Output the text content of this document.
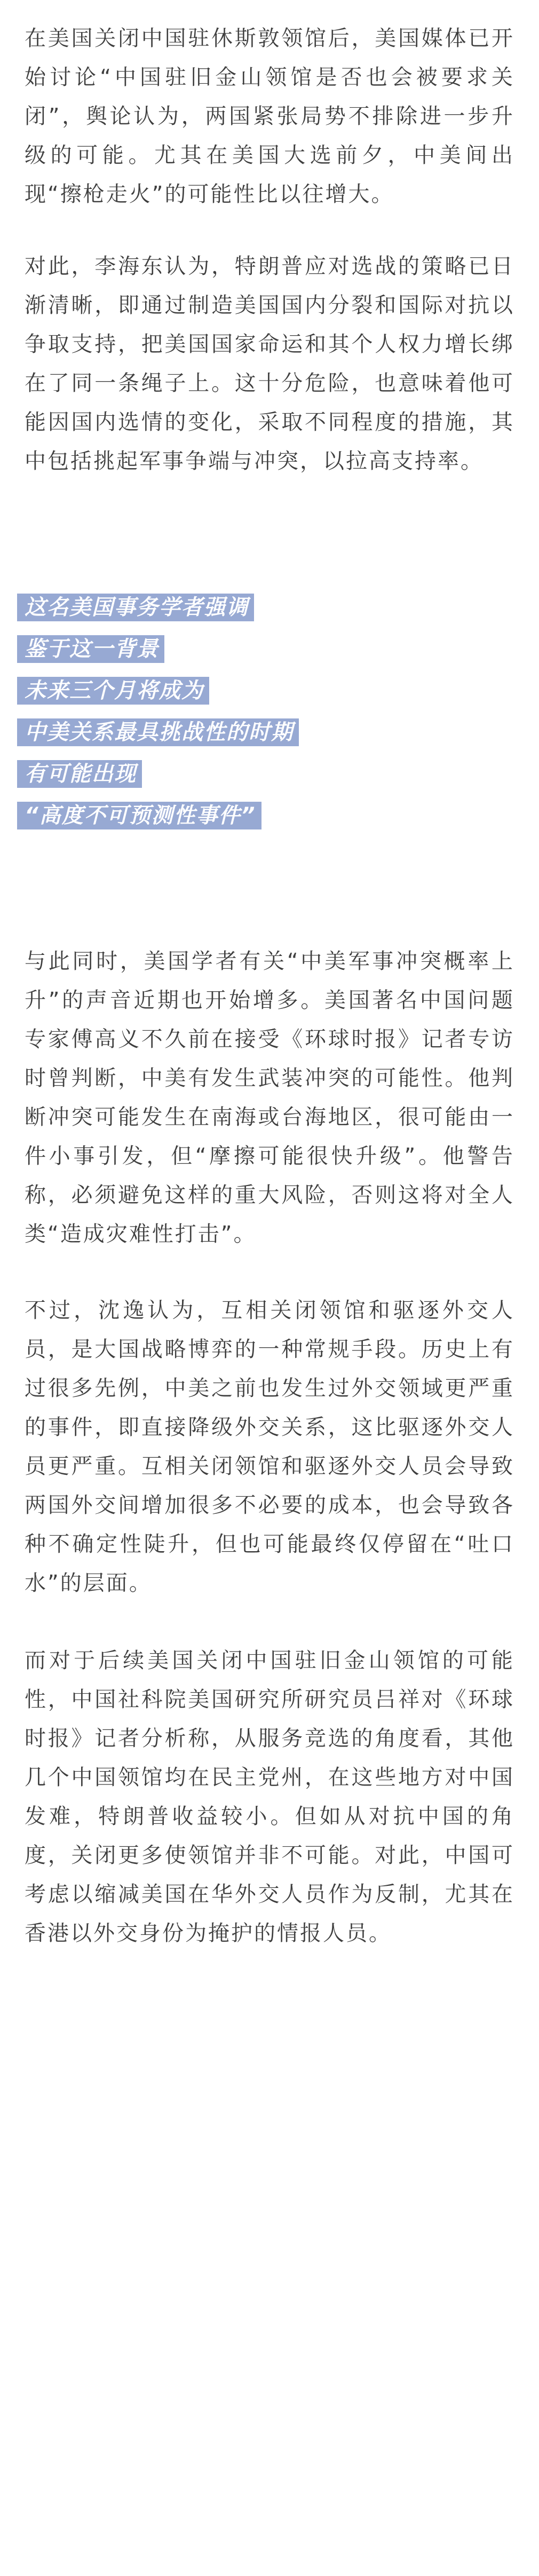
在美国关闭中国驻休斯敦领馆后，美国媒体已开始讨论“中国驻旧金山领馆是否也会被要求关闭”，舆论认为，两国紧张局势不排除进一步升级的可能。尤其在美国大选前夕，中美间出现“擦枪走火”的可能性比以往增大。

对此，李海东认为，特朗普应对选战的策略已日渐清晰，即通过制造美国国内分裂和国际对抗以争取支持，把美国国家命运和其个人权力增长绑在了同一条绳子上。这十分危险，也意味着他可能因国内选情的变化，采取不同程度的措施，其中包括挑起军事争端与冲突，以拉高支持率。

这名美国事务学者强调
鉴于这一背景
未来三个月将成为
中美关系最具挑战性的时期
有可能出现
“高度不可预测性事件”

与此同时，美国学者有关“中美军事冲突概率上升”的声音近期也开始增多。美国著名中国问题专家傅高义不久前在接受《环球时报》记者专访时曾判断，中美有发生武装冲突的可能性。他判断冲突可能发生在南海或台海地区，很可能由一件小事引发，但“摩擦可能很快升级”。他警告称，必须避免这样的重大风险，否则这将对全人类“造成灾难性打击”。

不过，沈逸认为，互相关闭领馆和驱逐外交人员，是大国战略博弈的一种常规手段。历史上有过很多先例，中美之前也发生过外交领域更严重的事件，即直接降级外交关系，这比驱逐外交人员更严重。互相关闭领馆和驱逐外交人员会导致两国外交间增加很多不必要的成本，也会导致各种不确定性陡升，但也可能最终仅停留在“吐口水”的层面。

而对于后续美国关闭中国驻旧金山领馆的可能性，中国社科院美国研究所研究员吕祥对《环球时报》记者分析称，从服务竞选的角度看，其他几个中国领馆均在民主党州，在这些地方对中国发难，特朗普收益较小。但如从对抗中国的角度，关闭更多使领馆并非不可能。对此，中国可考虑以缩减美国在华外交人员作为反制，尤其在香港以外交身份为掩护的情报人员。
